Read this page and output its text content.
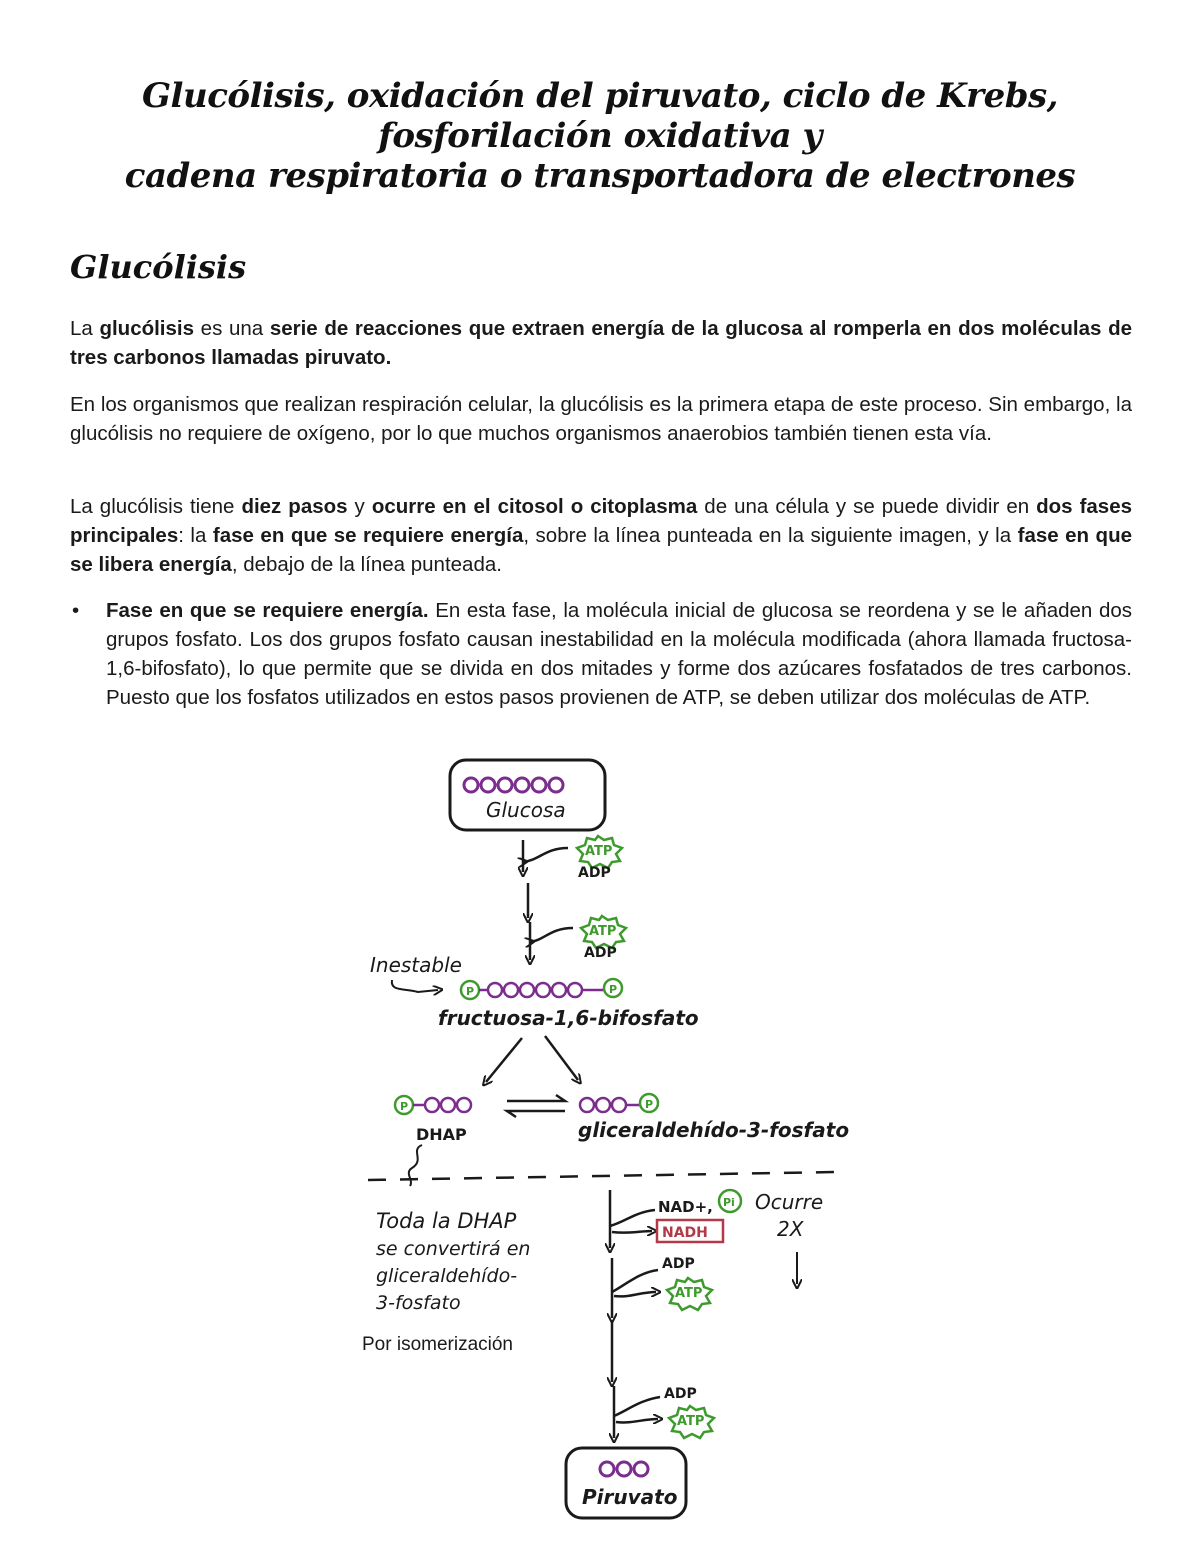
Glucólisis, oxidación del piruvato, ciclo de Krebs, fosforilación oxidativa y
cadena respiratoria o transportadora de electrones
Glucólisis
La glucólisis es una serie de reacciones que extraen energía de la glucosa al romperla en dos moléculas de tres carbonos llamadas piruvato.
En los organismos que realizan respiración celular, la glucólisis es la primera etapa de este proceso. Sin embargo, la glucólisis no requiere de oxígeno, por lo que muchos organismos anaerobios también tienen esta vía.
La glucólisis tiene diez pasos y ocurre en el citosol o citoplasma de una célula y se puede dividir en dos fases principales: la fase en que se requiere energía, sobre la línea punteada en la siguiente imagen, y la fase en que se libera energía, debajo de la línea punteada.
• Fase en que se requiere energía. En esta fase, la molécula inicial de glucosa se reordena y se le añaden dos grupos fosfato. Los dos grupos fosfato causan inestabilidad en la molécula modificada (ahora llamada fructosa-1,6-bifosfato), lo que permite que se divida en dos mitades y forme dos azúcares fosfatados de tres carbonos. Puesto que los fosfatos utilizados en estos pasos provienen de ATP, se deben utilizar dos moléculas de ATP.
Glucosa
ATP
ADP
ATP
ADP
Inestable
P	P
fructuosa-1,6-bifosfato
P
DHAP
P
gliceraldehído-3-fosfato
Toda la DHAP
se convertirá en
gliceraldehído-
3-fosfato
Por isomerización
NAD+, Pi
NADH
Ocurre
2X
ADP
ATP
ADP
ATP
Piruvato
